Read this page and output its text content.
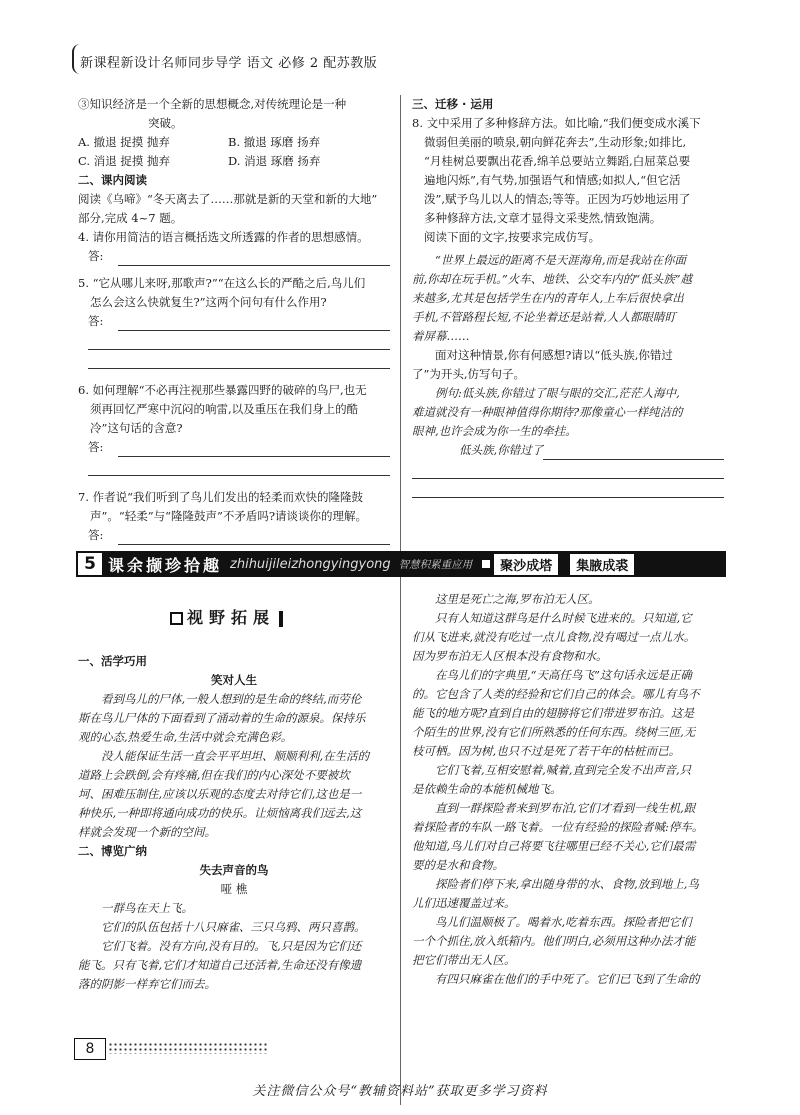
新课程新设计名师同步导学 语文 必修 2 配苏教版

③知识经济是一个全新的思想概念,对传统理论是一种

突破。

A. 撤退 捉摸 抛弃	B. 撤退 琢磨 扬弃
C. 消退 捉摸 抛弃	D. 消退 琢磨 扬弃

二、课内阅读

阅读《乌啼》“冬天离去了……那就是新的天堂和新的大地”

部分,完成 4~7 题。

4. 请你用简洁的语言概括选文所透露的作者的思想感情。

答:

5. “它从哪儿来呀,那歌声?”“在这么长的严酷之后,鸟儿们

怎么会这么快就复生?”这两个问句有什么作用?

答:

6. 如何理解“不必再注视那些暴露四野的破碎的鸟尸,也无

须再回忆严寒中沉闷的响雷,以及重压在我们身上的酷

冷”这句话的含意?

答:

7. 作者说“我们听到了鸟儿们发出的轻柔而欢快的隆隆鼓

声”。“轻柔”与“隆隆鼓声”不矛盾吗?请谈谈你的理解。

答:

三、迁移 · 运用

8. 文中采用了多种修辞方法。如比喻,“我们便变成水溪下

微弱但美丽的喷泉,朝向鲜花奔去”,生动形象;如排比,

“月桂树总要飘出花香,绵羊总要站立舞蹈,白屈菜总要

遍地闪烁”,有气势,加强语气和情感;如拟人,“但它活

泼”,赋予鸟儿以人的情态;等等。正因为巧妙地运用了

多种修辞方法,文章才显得文采斐然,情致饱满。

阅读下面的文字,按要求完成仿写。

“世界上最远的距离不是天涯海角,而是我站在你面

前,你却在玩手机。”火车、地铁、公交车内的“低头族”越

来越多,尤其是包括学生在内的青年人,上车后很快拿出

手机,不管路程长短,不论坐着还是站着,人人都眼睛盯

着屏幕……

面对这种情景,你有何感想?请以“低头族,你错过

了”为开头,仿写句子。

例句:低头族,你错过了眼与眼的交汇,茫茫人海中,

难道就没有一种眼神值得你期待?那像童心一样纯洁的

眼神,也许会成为你一生的牵挂。

低头族,你错过了
5 课余撷珍拾趣 zhihuijileizhongyingyong 智慧积累重应用	聚沙成塔	集腋成裘
视野拓展

一、活学巧用

笑对人生

看到鸟儿的尸体,一般人想到的是生命的终结,而劳伦

斯在鸟儿尸体的下面看到了涌动着的生命的源泉。保持乐

观的心态,热爱生命,生活中就会充满色彩。

没人能保证生活一直会平平坦坦、顺顺利利,在生活的

道路上会跌倒,会有疼痛,但在我们的内心深处不要被坎

坷、困难压制住,应该以乐观的态度去对待它们,这也是一

种快乐,一种即将通向成功的快乐。让烦恼离我们远去,这

样就会发现一个新的空间。

二、博览广纳

失去声音的鸟

哑 樵

一群鸟在天上飞。

它们的队伍包括十八只麻雀、三只乌鸦、两只喜鹊。

它们飞着。没有方向,没有目的。飞,只是因为它们还

能飞。只有飞着,它们才知道自己还活着,生命还没有像遗

落的阴影一样弃它们而去。

这里是死亡之海,罗布泊无人区。

只有人知道这群鸟是什么时候飞进来的。只知道,它

们从飞进来,就没有吃过一点儿食物,没有喝过一点儿水。

因为罗布泊无人区根本没有食物和水。

在鸟儿们的字典里,“天高任鸟飞”这句话永远是正确

的。它包含了人类的经验和它们自己的体会。哪儿有鸟不

能飞的地方呢?直到自由的翅膀将它们带进罗布泊。这是

个陌生的世界,没有它们所熟悉的任何东西。绕树三匝,无

枝可栖。因为树,也只不过是死了若干年的枯桩而已。

它们飞着,互相安慰着,喊着,直到完全发不出声音,只

是依赖生命的本能机械地飞。

直到一群探险者来到罗布泊,它们才看到一线生机,跟

着探险者的车队一路飞着。一位有经验的探险者喊:停车。

他知道,鸟儿们对自己将要飞往哪里已经不关心,它们最需

要的是水和食物。

探险者们停下来,拿出随身带的水、食物,放到地上,鸟

儿们迅速覆盖过来。

鸟儿们温顺极了。喝着水,吃着东西。探险者把它们

一个个抓住,放入纸箱内。他们明白,必须用这种办法才能

把它们带出无人区。

有四只麻雀在他们的手中死了。它们已飞到了生命的

8
关注微信公众号“教辅资料站”获取更多学习资料
